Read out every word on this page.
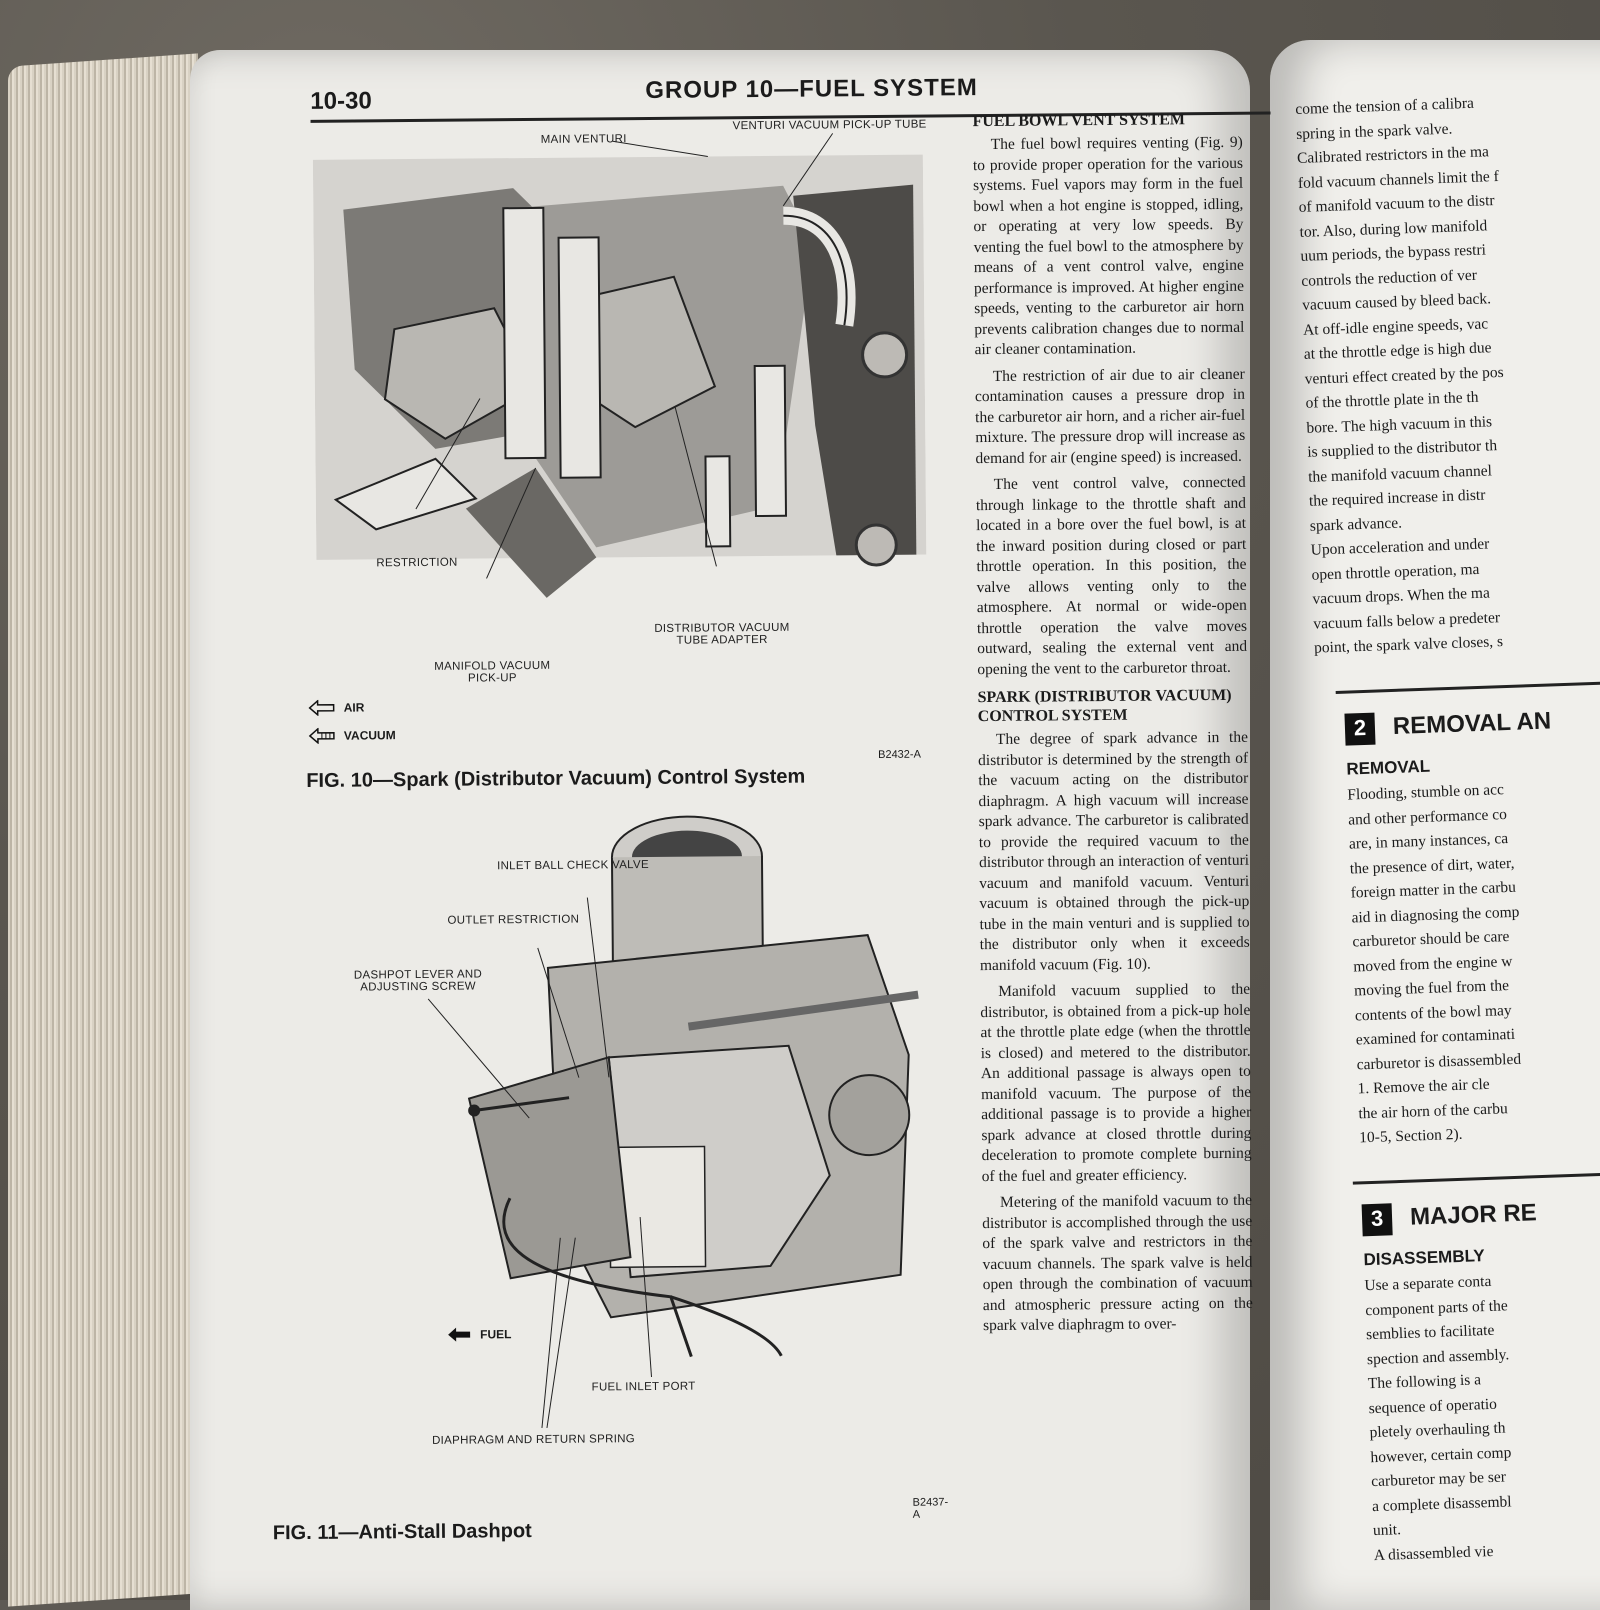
10-30	GROUP 10—FUEL SYSTEM
MAIN VENTURI
VENTURI VACUUM PICK-UP TUBE
RESTRICTION
DISTRIBUTOR VACUUM TUBE ADAPTER
MANIFOLD VACUUM PICK-UP
AIR
VACUUM
B2432-A
FIG. 10—Spark (Distributor Vacuum) Control System
INLET BALL CHECK VALVE
OUTLET RESTRICTION
DASHPOT LEVER AND ADJUSTING SCREW
FUEL INLET PORT
DIAPHRAGM AND RETURN SPRING
FUEL
B2437-A
FIG. 11—Anti-Stall Dashpot
FUEL BOWL VENT SYSTEM

The fuel bowl requires venting (Fig. 9) to provide proper operation for the various systems. Fuel vapors may form in the fuel bowl when a hot engine is stopped, idling, or operating at very low speeds. By venting the fuel bowl to the atmosphere by means of a vent control valve, engine performance is improved. At higher engine speeds, venting to the carburetor air horn prevents calibration changes due to normal air cleaner contamination.

The restriction of air due to air cleaner contamination causes a pressure drop in the carburetor air horn, and a richer air-fuel mixture. The pressure drop will increase as demand for air (engine speed) is increased.

The vent control valve, connected through linkage to the throttle shaft and located in a bore over the fuel bowl, is at the inward position during closed or part throttle operation. In this position, the valve allows venting only to the atmosphere. At normal or wide-open throttle operation the valve moves outward, sealing the external vent and opening the vent to the carburetor throat.

SPARK (DISTRIBUTOR VACUUM) CONTROL SYSTEM

The degree of spark advance in the distributor is determined by the strength of the vacuum acting on the distributor diaphragm. A high vacuum will increase spark advance. The carburetor is calibrated to provide the required vacuum to the distributor through an interaction of venturi vacuum and manifold vacuum. Venturi vacuum is obtained through the pick-up tube in the main venturi and is supplied to the distributor only when it exceeds manifold vacuum (Fig. 10).

Manifold vacuum supplied to the distributor, is obtained from a pick-up hole at the throttle plate edge (when the throttle is closed) and metered to the distributor. An additional passage is always open to manifold vacuum. The purpose of the additional passage is to provide a higher spark advance at closed throttle during deceleration to promote complete burning of the fuel and greater efficiency.

Metering of the manifold vacuum to the distributor is accomplished through the use of the spark valve and restrictors in the vacuum channels. The spark valve is held open through the combination of vacuum and atmospheric pressure acting on the spark valve diaphragm to over-

come the tension of a calibra

spring in the spark valve.

Calibrated restrictors in the ma

fold vacuum channels limit the f

of manifold vacuum to the distr

tor. Also, during low manifold

uum periods, the bypass restri

controls the reduction of ver

vacuum caused by bleed back.

At off-idle engine speeds, vac

at the throttle edge is high due

venturi effect created by the pos

of the throttle plate in the th

bore. The high vacuum in this

is supplied to the distributor th

the manifold vacuum channel

the required increase in distr

spark advance.

Upon acceleration and under

open throttle operation, ma

vacuum drops. When the ma

vacuum falls below a predeter

point, the spark valve closes, s

2	REMOVAL AN
REMOVAL

Flooding, stumble on acc

and other performance co

are, in many instances, ca

the presence of dirt, water,

foreign matter in the carbu

aid in diagnosing the comp

carburetor should be care

moved from the engine w

moving the fuel from the

contents of the bowl may

examined for contaminati

carburetor is disassembled

1. Remove the air cle

the air horn of the carbu

10-5, Section 2).

3	MAJOR RE
DISASSEMBLY

Use a separate conta

component parts of the

semblies to facilitate

spection and assembly.

The following is a

sequence of operatio

pletely overhauling th

however, certain comp

carburetor may be ser

a complete disassembl

unit.

A disassembled vie
